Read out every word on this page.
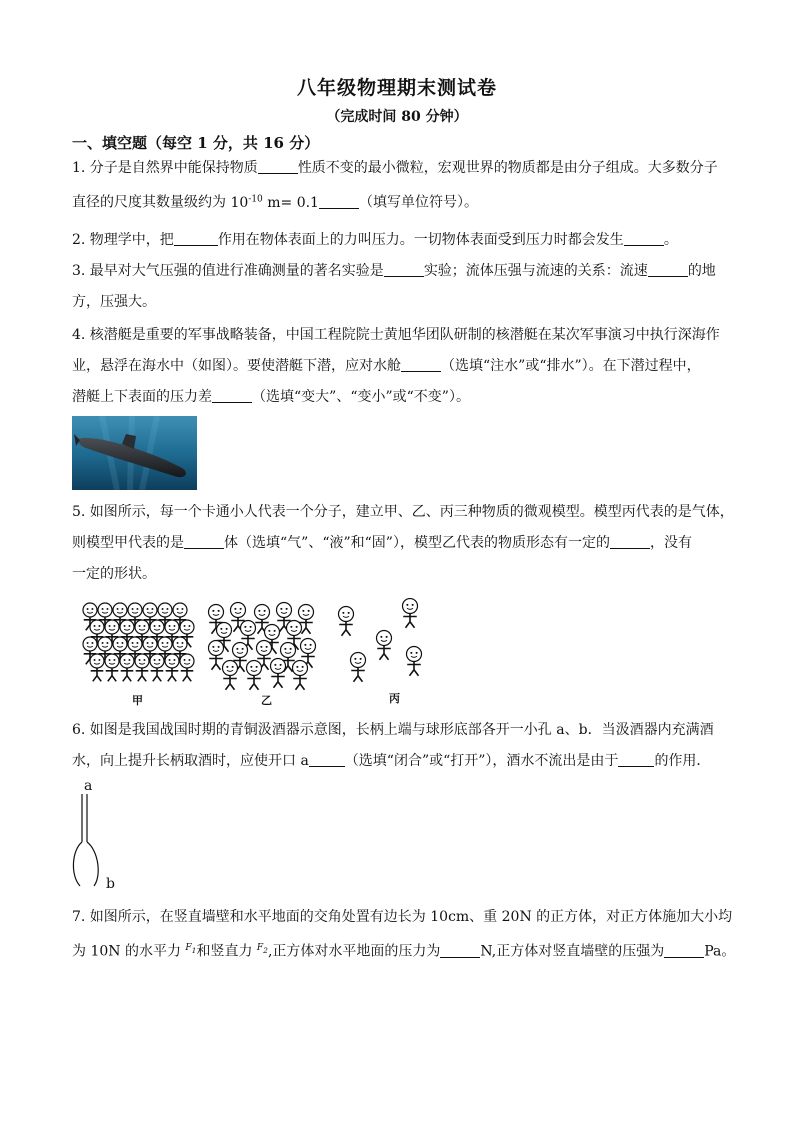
八年级物理期末测试卷
（完成时间 80 分钟）
一、填空题（每空 1 分，共 16 分）
1. 分子是自然界中能保持物质	性质不变的最小微粒，宏观世界的物质都是由分子组成。大多数分子
直径的尺度其数量级约为 $10^{-10}$ m= 0.1	（填写单位符号）。
2. 物理学中，把	作用在物体表面上的力叫压力。一切物体表面受到压力时都会发生	。
3. 最早对大气压强的值进行准确测量的著名实验是	实验；流体压强与流速的关系：流速	的地
方，压强大。
4. 核潜艇是重要的军事战略装备，中国工程院院士黄旭华团队研制的核潜艇在某次军事演习中执行深海作
业，悬浮在海水中（如图）。要使潜艇下潜，应对水舱	（选填“注水”或“排水”）。在下潜过程中，
潜艇上下表面的压力差	（选填“变大”、“变小”或“不变”）。
5. 如图所示，每一个卡通小人代表一个分子，建立甲、乙、丙三种物质的微观模型。模型丙代表的是气体，
则模型甲代表的是	体（选填“气”、“液”和“固”），模型乙代表的物质形态有一定的	，没有
一定的形状。
甲	乙	丙
6. 如图是我国战国时期的青铜汲酒器示意图，长柄上端与球形底部各开一小孔 a、b．当汲酒器内充满酒
水，向上提升长柄取酒时，应使开口 a	（选填“闭合”或“打开”），酒水不流出是由于	的作用．
a
b
7. 如图所示，在竖直墙壁和水平地面的交角处置有边长为 10cm、重 20N 的正方体，对正方体施加大小均
为 10N 的水平力 $^{F_1}$和竖直力 $^{F_2}$,正方体对水平地面的压力为	N,正方体对竖直墙壁的压强为	Pa。
